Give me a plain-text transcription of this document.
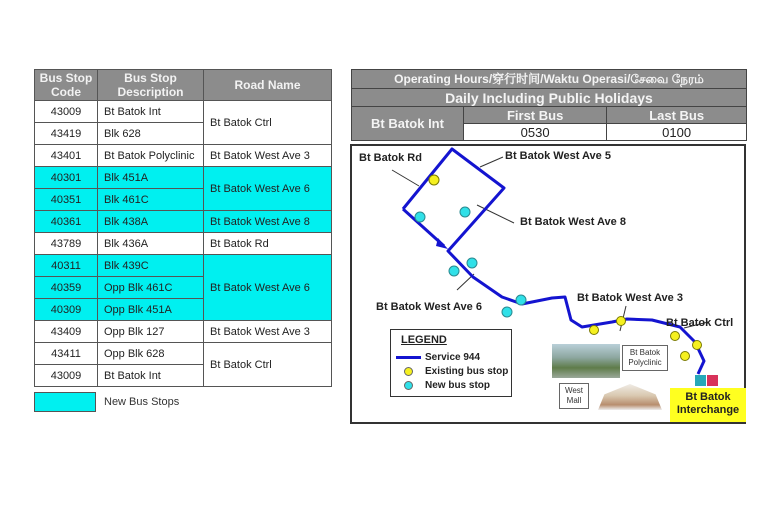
Bus Stop Code	Bus Stop Description	Road Name
43009	Bt Batok Int	Bt Batok Ctrl
43419	Blk 628	
43401	Bt Batok Polyclinic	Bt Batok West Ave 3
40301	Blk 451A	Bt Batok West Ave 6
40351	Blk 461C	
40361	Blk 438A	Bt Batok West Ave 8
43789	Blk 436A	Bt Batok Rd
40311	Blk 439C	Bt Batok West Ave 6
40359	Opp Blk 461C	
40309	Opp Blk 451A	
43409	Opp Blk 127	Bt Batok West Ave 3
43411	Opp Blk 628	Bt Batok Ctrl
43009	Bt Batok Int	
New Bus Stops
Operating Hours/穿行时间/Waktu Operasi/சேவை நேரம்		
Daily Including Public Holidays		
Bt Batok Int	First Bus	Last Bus
	0530	0100
Bt Batok Rd	Bt Batok West Ave 5
Bt Batok West Ave 8
Bt Batok West Ave 6
Bt Batok West Ave 3
Bt Batok Ctrl
LEGEND
Service 944
Existing bus stop
New bus stop
Bt Batok Polyclinic
West Mall	Bt Batok
Interchange
